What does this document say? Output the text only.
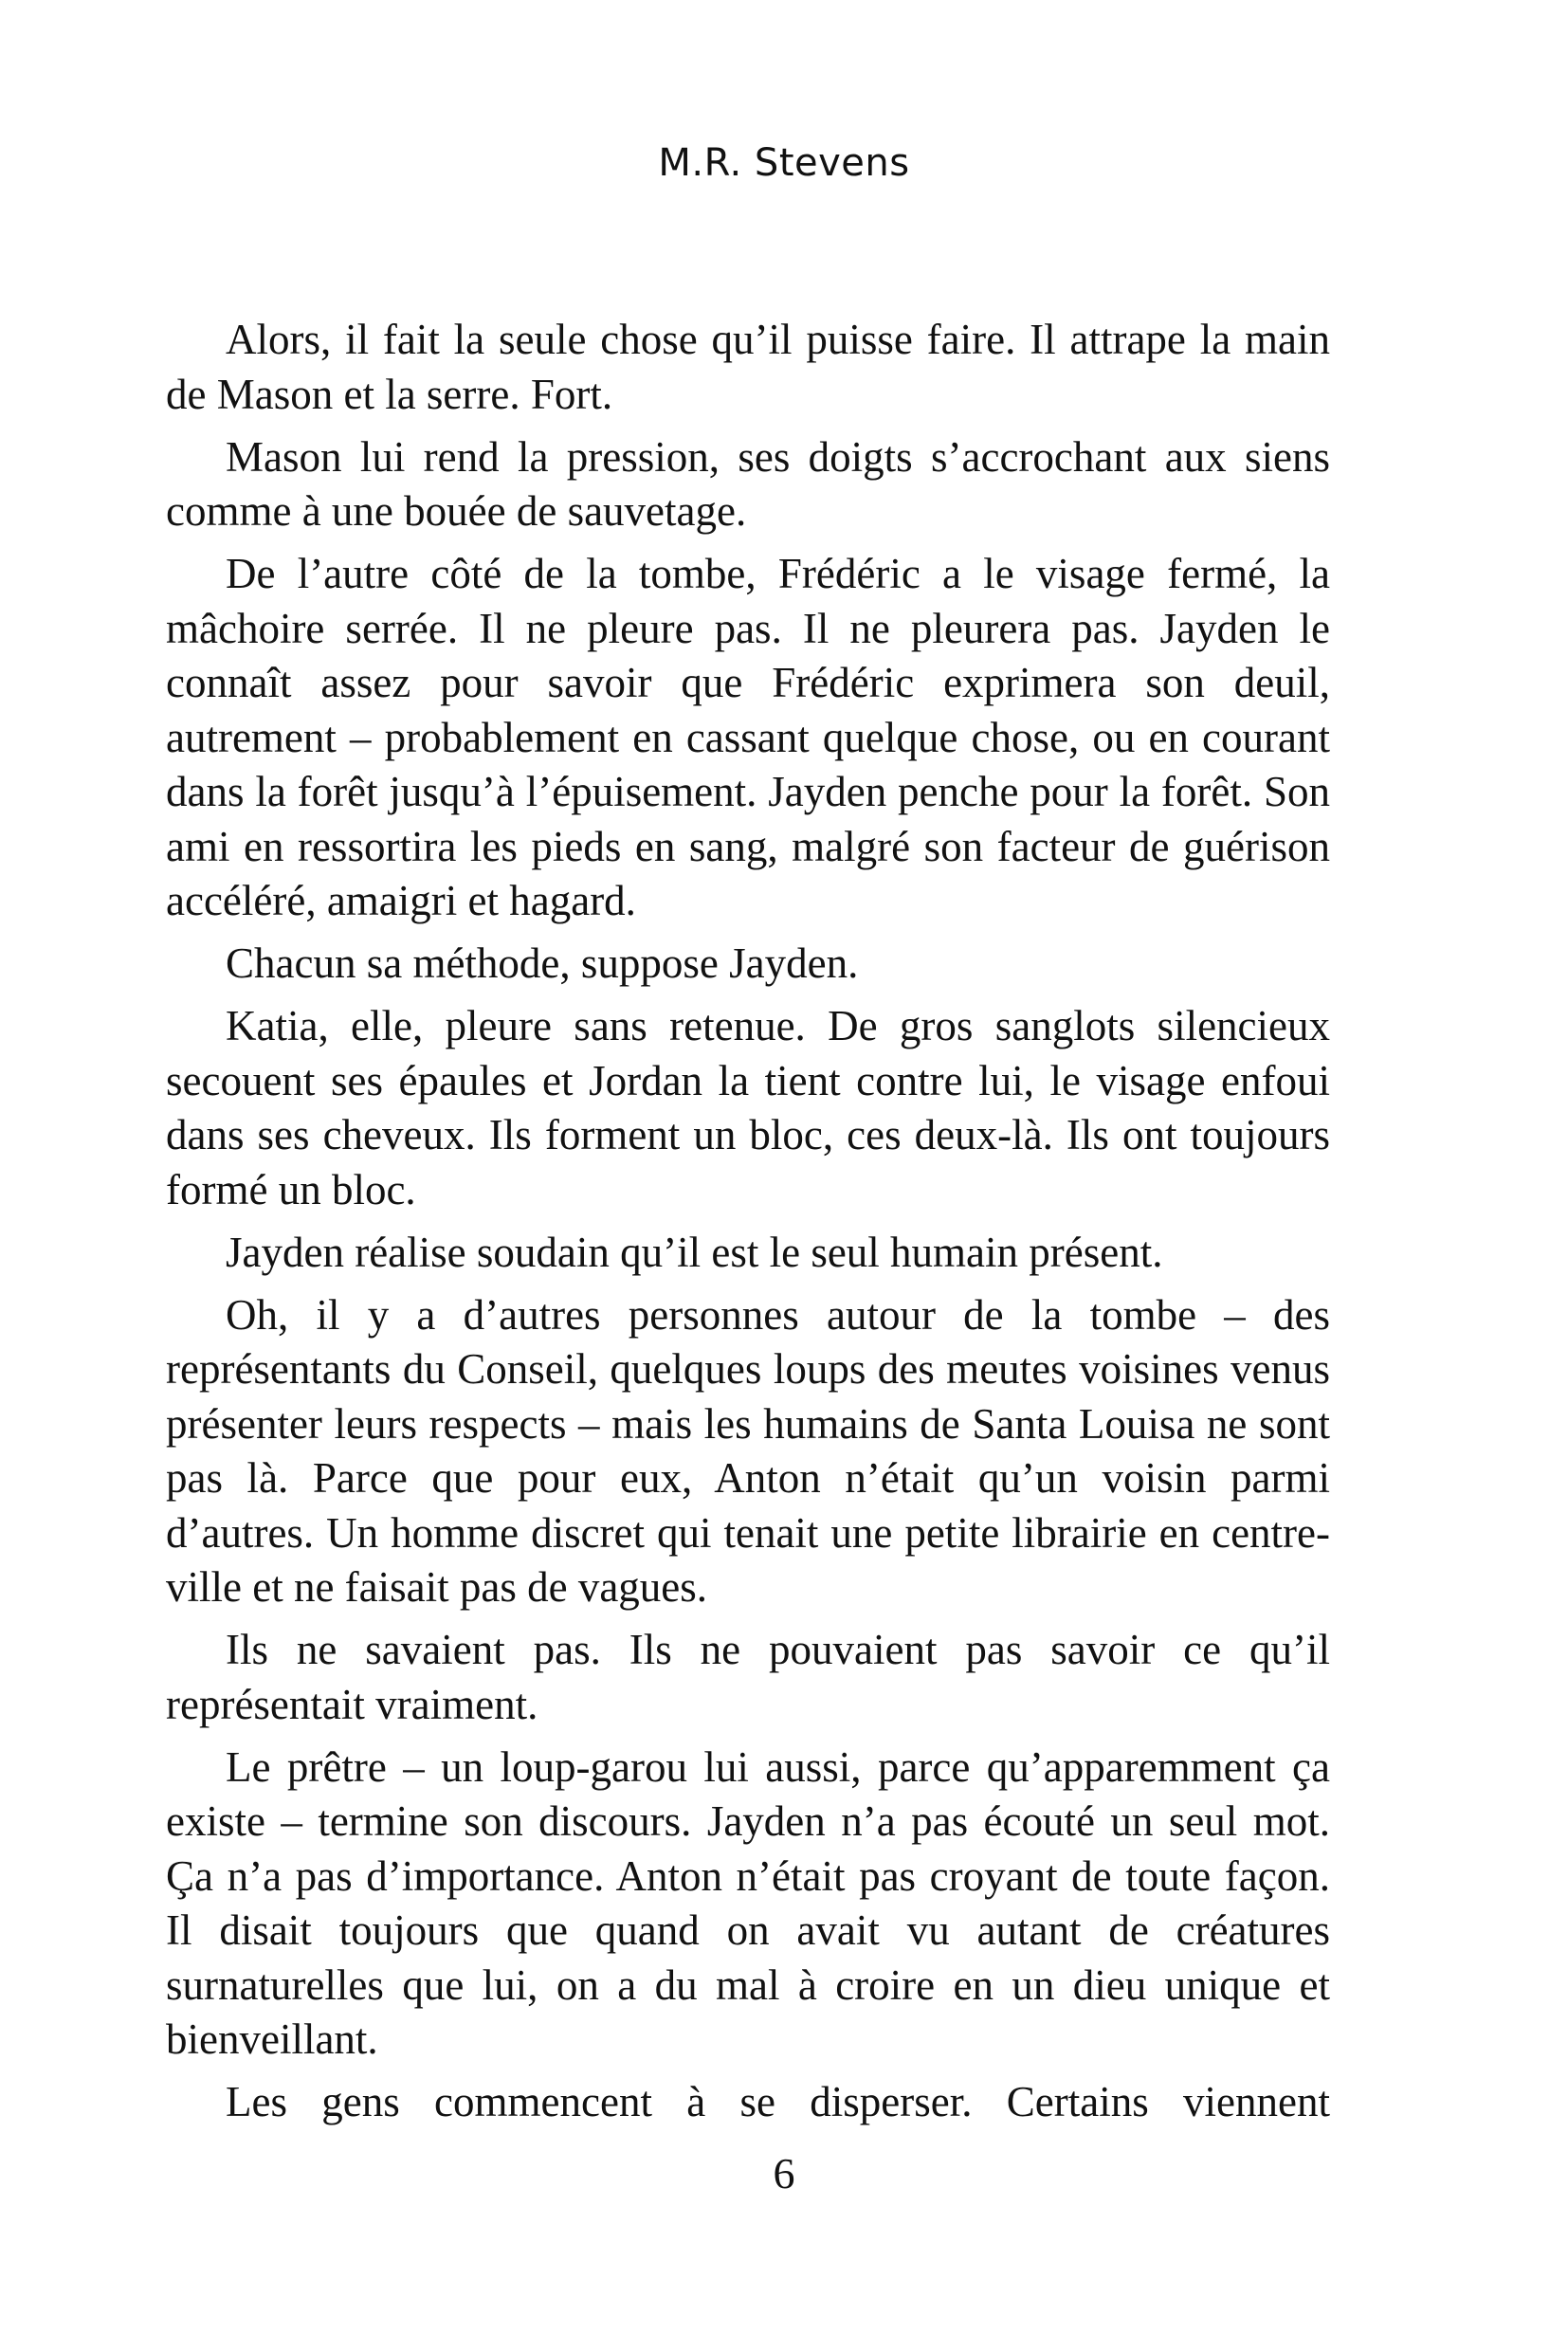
M.R. Stevens

Alors, il fait la seule chose qu’il puisse faire. Il attrape la main de Mason et la serre. Fort.

Mason lui rend la pression, ses doigts s’accrochant aux siens comme à une bouée de sauvetage.

De l’autre côté de la tombe, Frédéric a le visage fermé, la mâchoire serrée. Il ne pleure pas. Il ne pleurera pas. Jayden le connaît assez pour savoir que Frédéric exprimera son deuil, autrement – probablement en cassant quelque chose, ou en courant dans la forêt jusqu’à l’épuisement. Jayden penche pour la forêt. Son ami en ressortira les pieds en sang, malgré son facteur de guérison accéléré, amaigri et hagard.

Chacun sa méthode, suppose Jayden.

Katia, elle, pleure sans retenue. De gros sanglots silencieux secouent ses épaules et Jordan la tient contre lui, le visage enfoui dans ses cheveux. Ils forment un bloc, ces deux-là. Ils ont toujours formé un bloc.

Jayden réalise soudain qu’il est le seul humain présent.

Oh, il y a d’autres personnes autour de la tombe – des représentants du Conseil, quelques loups des meutes voisines venus présenter leurs respects – mais les humains de Santa Louisa ne sont pas là. Parce que pour eux, Anton n’était qu’un voisin parmi d’autres. Un homme discret qui tenait une petite librairie en centre-ville et ne faisait pas de vagues.

Ils ne savaient pas. Ils ne pouvaient pas savoir ce qu’il représentait vraiment.

Le prêtre – un loup-garou lui aussi, parce qu’apparemment ça existe – termine son discours. Jayden n’a pas écouté un seul mot. Ça n’a pas d’importance. Anton n’était pas croyant de toute façon. Il disait toujours que quand on avait vu autant de créatures surnaturelles que lui, on a du mal à croire en un dieu unique et bienveillant.

Les gens commencent à se disperser. Certains viennent

6
